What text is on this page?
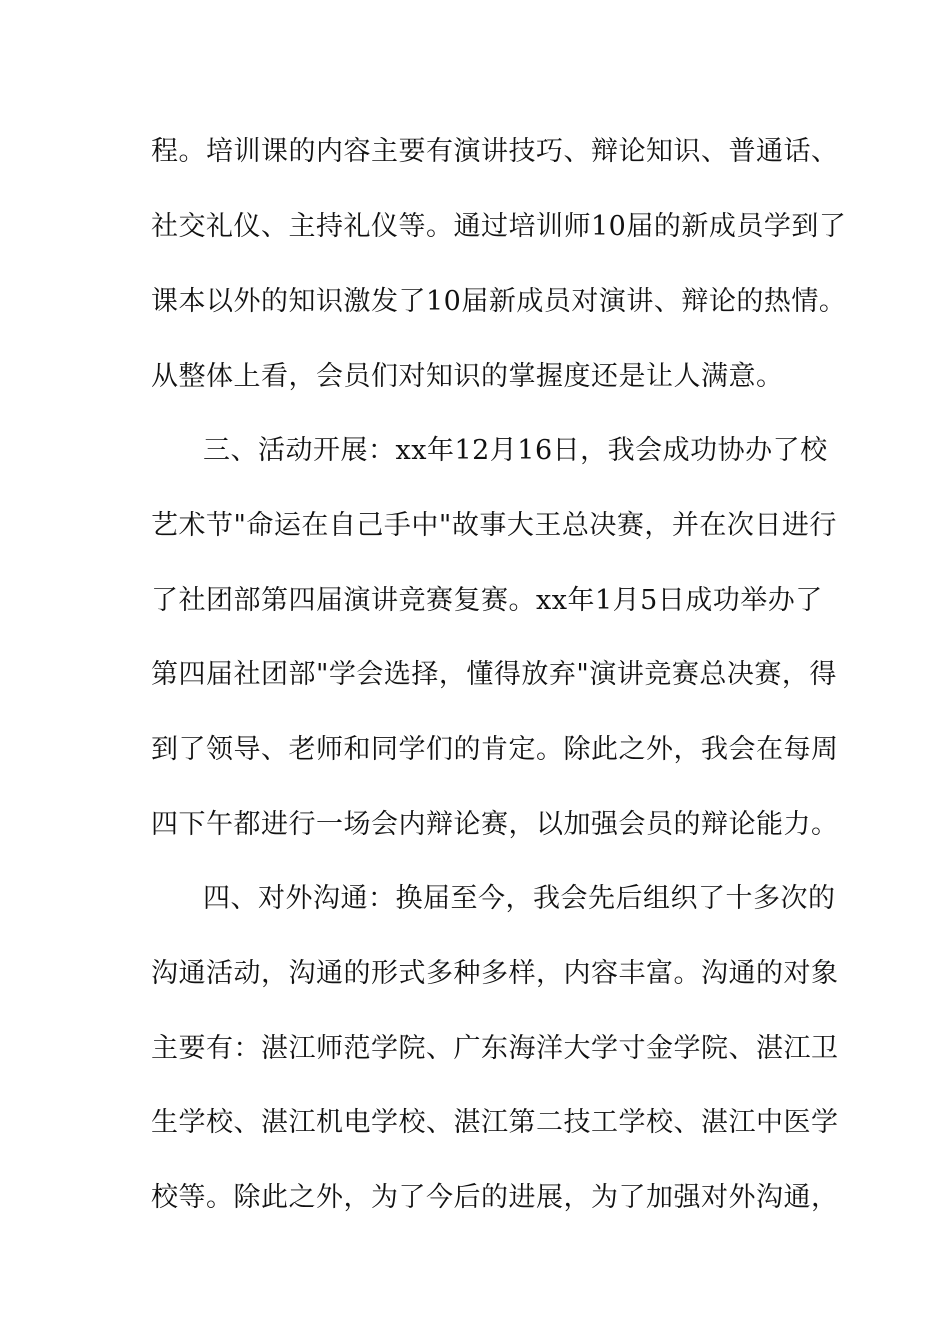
程。培训课的内容主要有演讲技巧、辩论知识、普通话、
社交礼仪、主持礼仪等。通过培训师10届的新成员学到了
课本以外的知识激发了10届新成员对演讲、辩论的热情。
从整体上看，会员们对知识的掌握度还是让人满意。
三、活动开展：xx年12月16日，我会成功协办了校
艺术节"命运在自己手中"故事大王总决赛，并在次日进行
了社团部第四届演讲竞赛复赛。xx年1月5日成功举办了
第四届社团部"学会选择，懂得放弃"演讲竞赛总决赛，得
到了领导、老师和同学们的肯定。除此之外，我会在每周
四下午都进行一场会内辩论赛，以加强会员的辩论能力。
四、对外沟通：换届至今，我会先后组织了十多次的
沟通活动，沟通的形式多种多样，内容丰富。沟通的对象
主要有：湛江师范学院、广东海洋大学寸金学院、湛江卫
生学校、湛江机电学校、湛江第二技工学校、湛江中医学
校等。除此之外，为了今后的进展，为了加强对外沟通，
